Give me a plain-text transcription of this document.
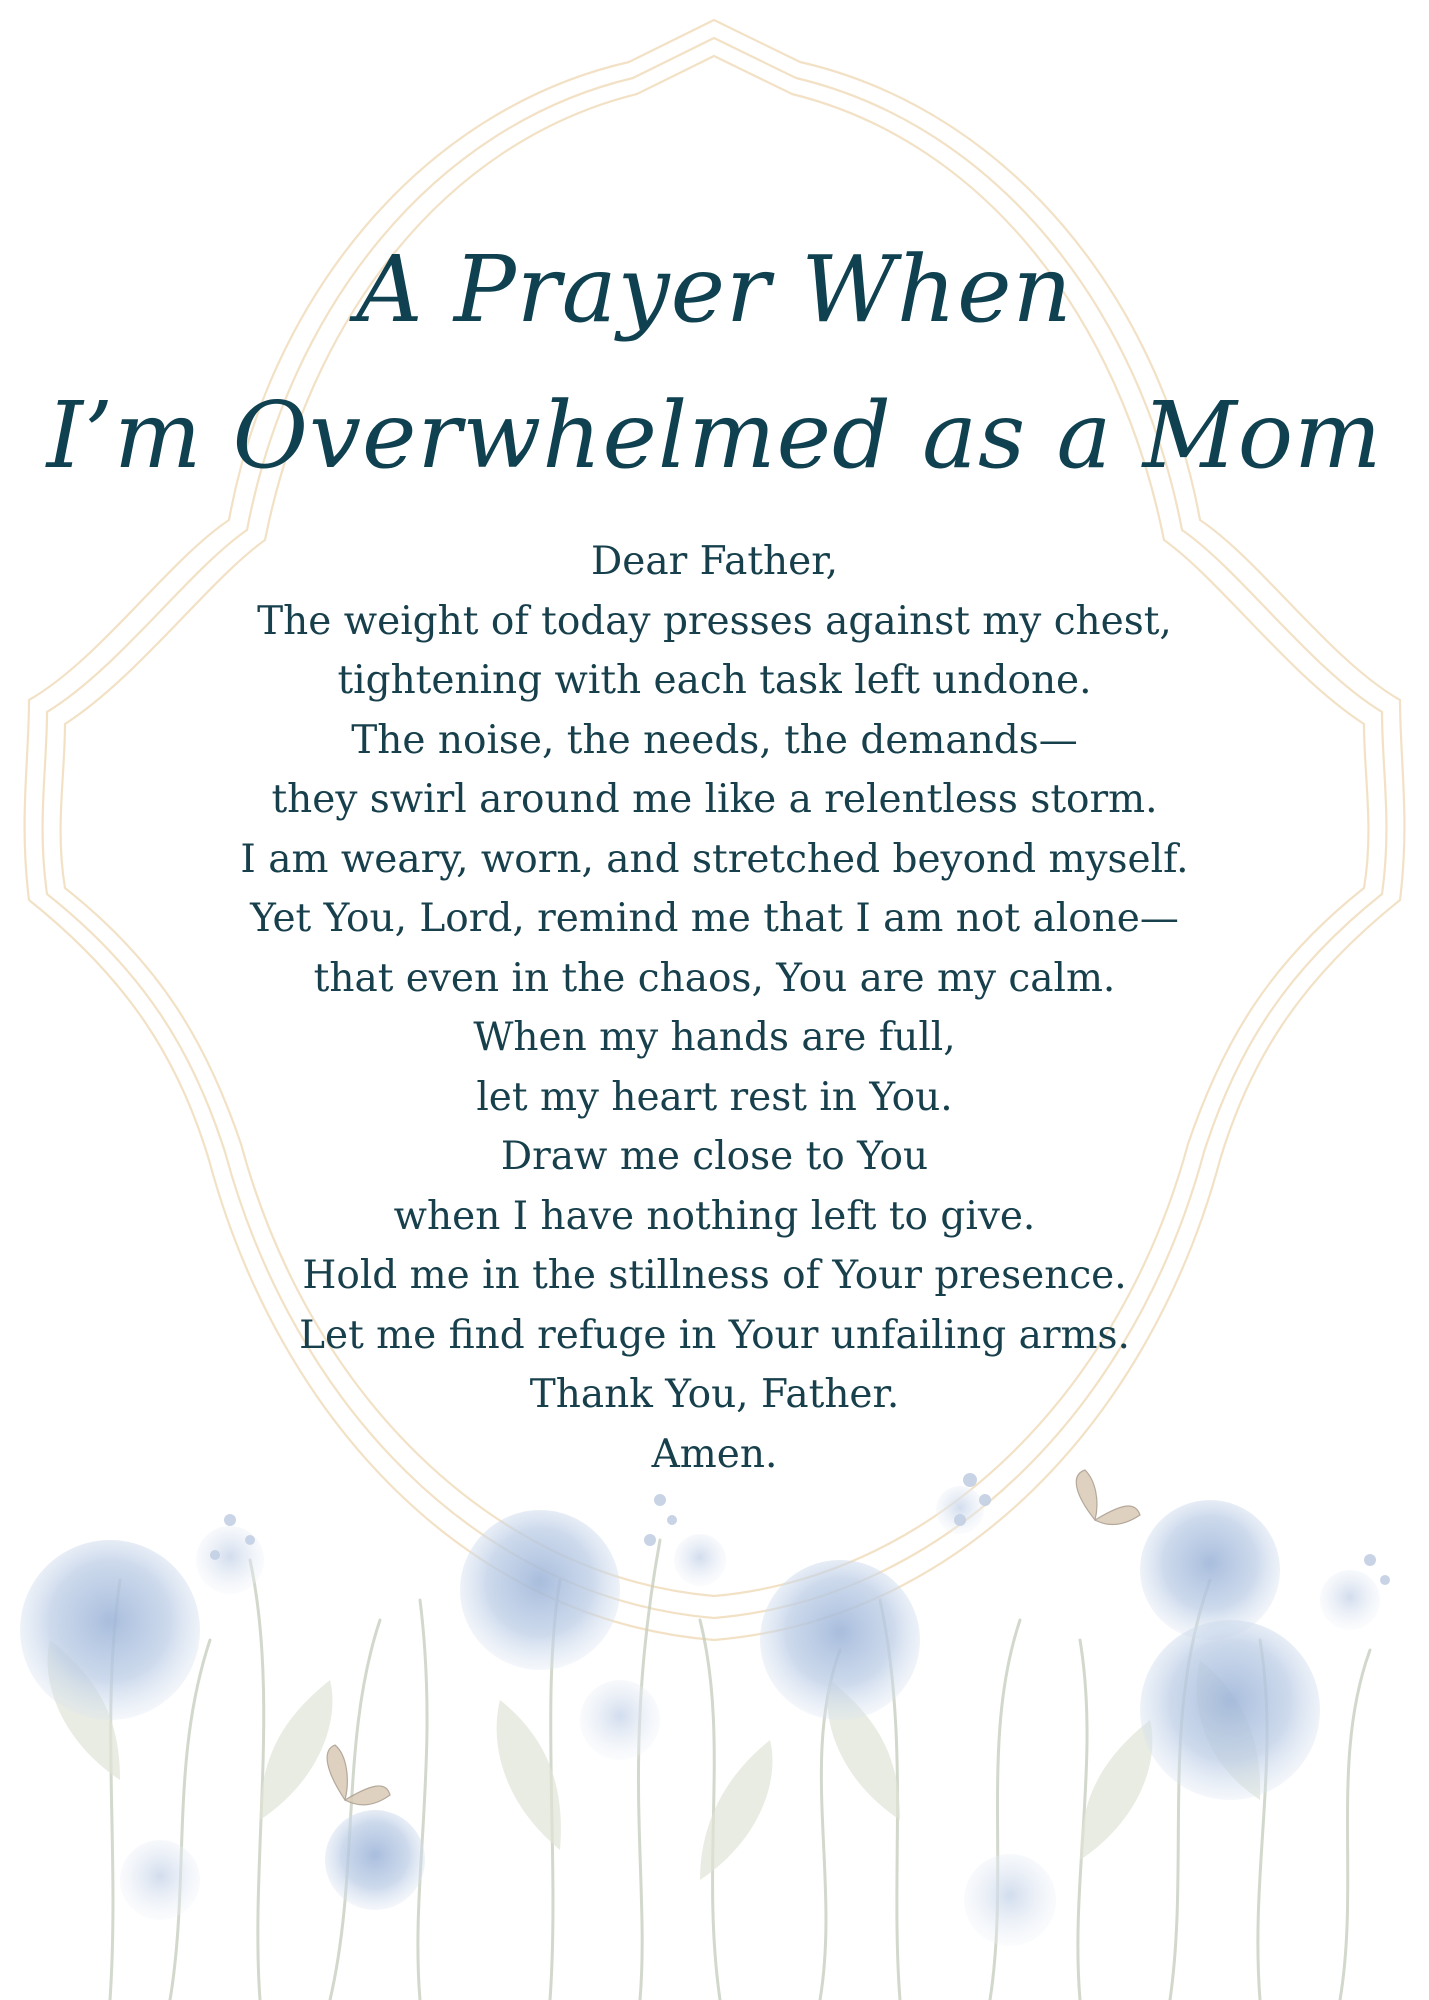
A Prayer When
I’m Overwhelmed as a Mom
Dear Father,
The weight of today presses against my chest,
tightening with each task left undone.
The noise, the needs, the demands—
they swirl around me like a relentless storm.
I am weary, worn, and stretched beyond myself.
Yet You, Lord, remind me that I am not alone—
that even in the chaos, You are my calm.
When my hands are full,
let my heart rest in You.
Draw me close to You
when I have nothing left to give.
Hold me in the stillness of Your presence.
Let me find refuge in Your unfailing arms.
Thank You, Father.
Amen.
